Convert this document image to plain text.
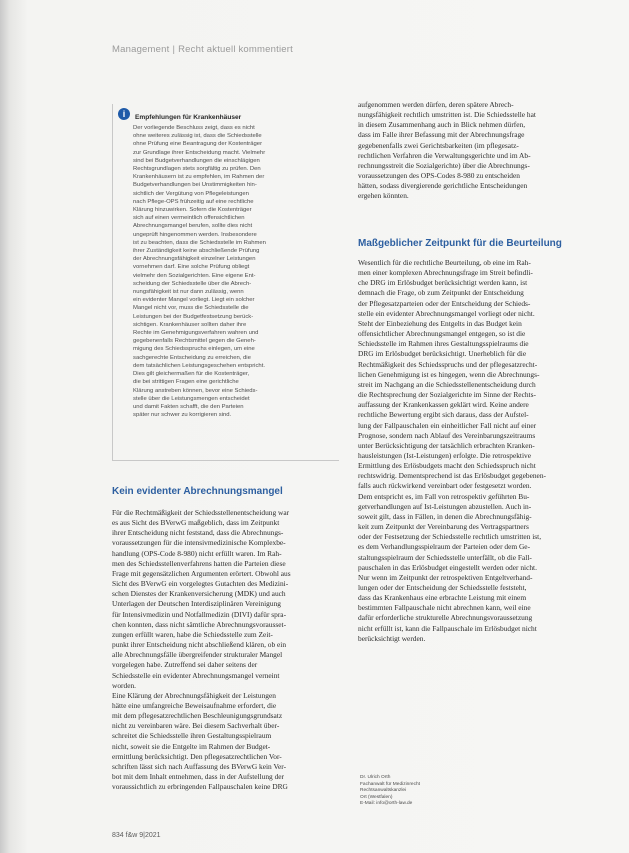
Management | Recht aktuell kommentiert
i	Empfehlungen für Krankenhäuser
Der vorliegende Beschluss zeigt, dass es nicht
ohne weiteres zulässig ist, dass die Schiedsstelle
ohne Prüfung eine Beantragung der Kostenträger
zur Grundlage ihrer Entscheidung macht. Vielmehr
sind bei Budgetverhandlungen die einschlägigen
Rechtsgrundlagen stets sorgfältig zu prüfen. Den
Krankenhäusern ist zu empfehlen, im Rahmen der
Budgetverhandlungen bei Unstimmigkeiten hin-
sichtlich der Vergütung von Pflegeleistungen
nach Pflege-OPS frühzeitig auf eine rechtliche
Klärung hinzuwirken. Sofern die Kostenträger
sich auf einen vermeintlich offensichtlichen
Abrechnungsmangel berufen, sollte dies nicht
ungeprüft hingenommen werden. Insbesondere
ist zu beachten, dass die Schiedsstelle im Rahmen
ihrer Zuständigkeit keine abschließende Prüfung
der Abrechnungsfähigkeit einzelner Leistungen
vornehmen darf. Eine solche Prüfung obliegt
vielmehr den Sozialgerichten. Eine eigene Ent-
scheidung der Schiedsstelle über die Abrech-
nungsfähigkeit ist nur dann zulässig, wenn
ein evidenter Mangel vorliegt. Liegt ein solcher
Mangel nicht vor, muss die Schiedsstelle die
Leistungen bei der Budgetfestsetzung berück-
sichtigen. Krankenhäuser sollten daher ihre
Rechte im Genehmigungsverfahren wahren und
gegebenenfalls Rechtsmittel gegen die Geneh-
migung des Schiedsspruchs einlegen, um eine
sachgerechte Entscheidung zu erreichen, die
dem tatsächlichen Leistungsgeschehen entspricht.
Dies gilt gleichermaßen für die Kostenträger,
die bei strittigen Fragen eine gerichtliche
Klärung anstreben können, bevor eine Schieds-
stelle über die Leistungsmengen entscheidet
und damit Fakten schafft, die den Parteien
später nur schwer zu korrigieren sind.
Kein evidenter Abrechnungsmangel
Für die Rechtmäßigkeit der Schiedsstellenentscheidung war
es aus Sicht des BVerwG maßgeblich, dass im Zeitpunkt
ihrer Entscheidung nicht feststand, dass die Abrechnungs-
voraussetzungen für die intensivmedizinische Komplexbe-
handlung (OPS-Code 8-980) nicht erfüllt waren. Im Rah-
men des Schiedsstellenverfahrens hatten die Parteien diese
Frage mit gegensätzlichen Argumenten erörtert. Obwohl aus
Sicht des BVerwG ein vorgelegtes Gutachten des Medizini-
schen Dienstes der Krankenversicherung (MDK) und auch
Unterlagen der Deutschen Interdisziplinären Vereinigung
für Intensivmedizin und Notfallmedizin (DIVI) dafür spra-
chen konnten, dass nicht sämtliche Abrechnungsvorausset-
zungen erfüllt waren, habe die Schiedsstelle zum Zeit-
punkt ihrer Entscheidung nicht abschließend klären, ob ein
alle Abrechnungsfälle übergreifender strukturaler Mangel
vorgelegen habe. Zutreffend sei daher seitens der
Schiedsstelle ein evidenter Abrechnungsmangel verneint
worden.
Eine Klärung der Abrechnungsfähigkeit der Leistungen
hätte eine umfangreiche Beweisaufnahme erfordert, die
mit dem pflegesatzrechtlichen Beschleunigungsgrundsatz
nicht zu vereinbaren wäre. Bei diesem Sachverhalt über-
schreitet die Schiedsstelle ihren Gestaltungsspielraum
nicht, soweit sie die Entgelte im Rahmen der Budget-
ermittlung berücksichtigt. Den pflegesatzrechtlichen Vor-
schriften lässt sich nach Auffassung des BVerwG kein Ver-
bot mit dem Inhalt entnehmen, dass in der Aufstellung der
voraussichtlich zu erbringenden Fallpauschalen keine DRG
aufgenommen werden dürfen, deren spätere Abrech-
nungsfähigkeit rechtlich umstritten ist. Die Schiedsstelle hat
in diesem Zusammenhang auch in Blick nehmen dürfen,
dass im Falle ihrer Befassung mit der Abrechnungsfrage
gegebenenfalls zwei Gerichtsbarkeiten (im pflegesatz-
rechtlichen Verfahren die Verwaltungsgerichte und im Ab-
rechnungsstreit die Sozialgerichte) über die Abrechnungs-
voraussetzungen des OPS-Codes 8-980 zu entscheiden
hätten, sodass divergierende gerichtliche Entscheidungen
ergehen könnten.
Maßgeblicher Zeitpunkt für die Beurteilung
Wesentlich für die rechtliche Beurteilung, ob eine im Rah-
men einer komplexen Abrechnungsfrage im Streit befindli-
che DRG im Erlösbudget berücksichtigt werden kann, ist
demnach die Frage, ob zum Zeitpunkt der Entscheidung
der Pflegesatzparteien oder der Entscheidung der Schieds-
stelle ein evidenter Abrechnungsmangel vorliegt oder nicht.
Steht der Einbeziehung des Entgelts in das Budget kein
offensichtlicher Abrechnungsmangel entgegen, so ist die
Schiedsstelle im Rahmen ihres Gestaltungsspielraums die
DRG im Erlösbudget berücksichtigt. Unerheblich für die
Rechtmäßigkeit des Schiedsspruchs und der pflegesatzrecht-
lichen Genehmigung ist es hingegen, wenn die Abrechnungs-
streit im Nachgang an die Schiedsstellenentscheidung durch
die Rechtsprechung der Sozialgerichte im Sinne der Rechts-
auffassung der Krankenkassen geklärt wird. Keine andere
rechtliche Bewertung ergibt sich daraus, dass der Aufstel-
lung der Fallpauschalen ein einheitlicher Fall nicht auf einer
Prognose, sondern nach Ablauf des Vereinbarungszeitraums
unter Berücksichtigung der tatsächlich erbrachten Kranken-
hausleistungen (Ist-Leistungen) erfolgte. Die retrospektive
Ermittlung des Erlösbudgets macht den Schiedsspruch nicht
rechtswidrig. Dementsprechend ist das Erlösbudget gegebenen-
falls auch rückwirkend vereinbart oder festgesetzt worden.
Dem entspricht es, im Fall von retrospektiv geführten Bu-
getverhandlungen auf Ist-Leistungen abzustellen. Auch in-
soweit gilt, dass in Fällen, in denen die Abrechnungsfähig-
keit zum Zeitpunkt der Vereinbarung des Vertragspartners
oder der Festsetzung der Schiedsstelle rechtlich umstritten ist,
es dem Verhandlungsspielraum der Parteien oder dem Ge-
staltungsspielraum der Schiedsstelle unterfällt, ob die Fall-
pauschalen in das Erlösbudget eingestellt werden oder nicht.
Nur wenn im Zeitpunkt der retrospektiven Entgeltverhand-
lungen oder der Entscheidung der Schiedsstelle feststeht,
dass das Krankenhaus eine erbrachte Leistung mit einem
bestimmten Fallpauschale nicht abrechnen kann, weil eine
dafür erforderliche strukturelle Abrechnungsvoraussetzung
nicht erfüllt ist, kann die Fallpauschale im Erlösbudget nicht
berücksichtigt werden.
Dr. Ulrich Orth
Fachanwalt für Medizinrecht
Rechtsanwaltskanzlei
Ort (Westfalen)
E-Mail: info@orth-law.de
834 f&w 9|2021
